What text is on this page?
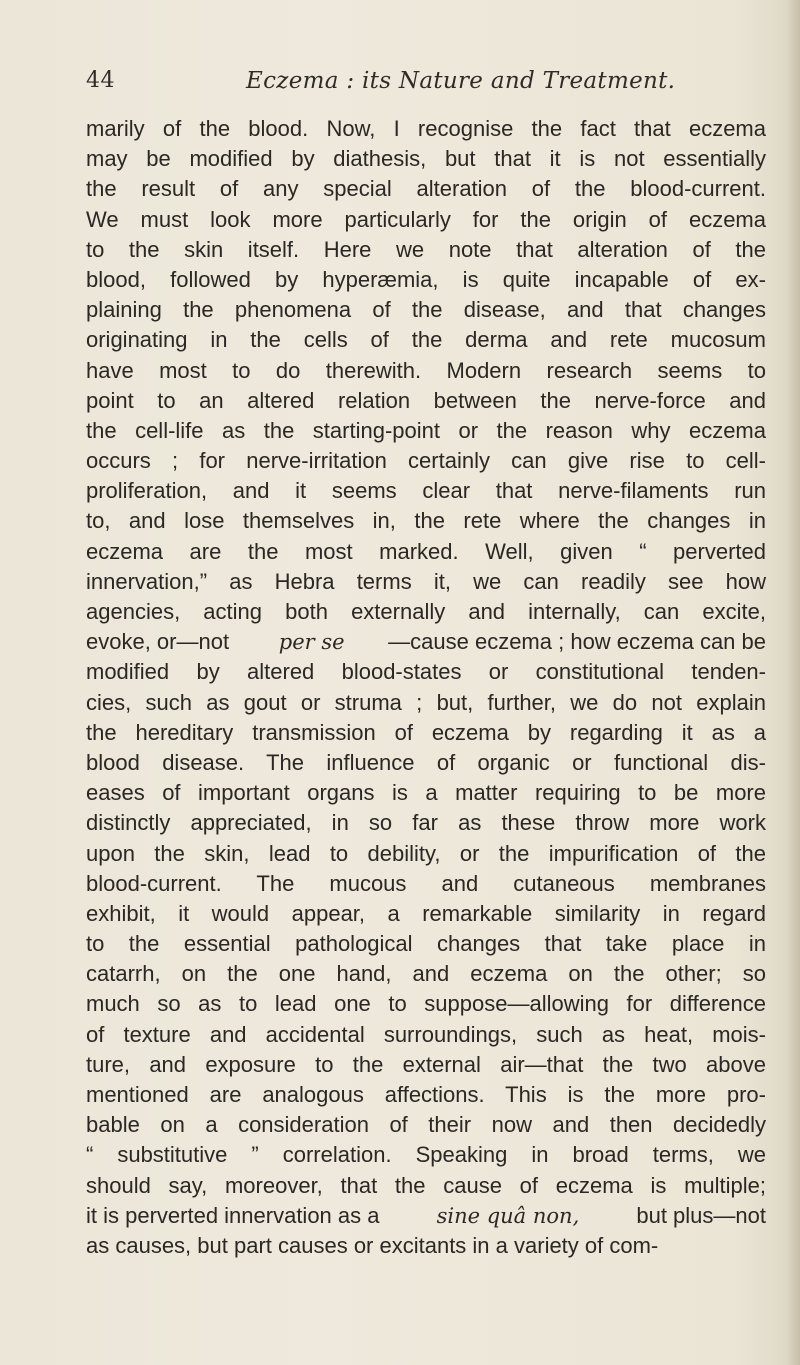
44	Eczema : its Nature and Treatment.
marily of the blood. Now, I recognise the fact that eczema
may be modified by diathesis, but that it is not essentially
the result of any special alteration of the blood-current.
We must look more particularly for the origin of eczema
to the skin itself. Here we note that alteration of the
blood, followed by hyperæmia, is quite incapable of ex-
plaining the phenomena of the disease, and that changes
originating in the cells of the derma and rete mucosum
have most to do therewith. Modern research seems to
point to an altered relation between the nerve-force and
the cell-life as the starting-point or the reason why eczema
occurs ; for nerve-irritation certainly can give rise to cell-
proliferation, and it seems clear that nerve-filaments run
to, and lose themselves in, the rete where the changes in
eczema are the most marked. Well, given “ perverted
innervation,” as Hebra terms it, we can readily see how
agencies, acting both externally and internally, can excite,
evoke, or—not per se —cause eczema ; how eczema can be
modified by altered blood-states or constitutional tenden-
cies, such as gout or struma ; but, further, we do not explain
the hereditary transmission of eczema by regarding it as a
blood disease. The influence of organic or functional dis-
eases of important organs is a matter requiring to be more
distinctly appreciated, in so far as these throw more work
upon the skin, lead to debility, or the impurification of the
blood-current. The mucous and cutaneous membranes
exhibit, it would appear, a remarkable similarity in regard
to the essential pathological changes that take place in
catarrh, on the one hand, and eczema on the other; so
much so as to lead one to suppose—allowing for difference
of texture and accidental surroundings, such as heat, mois-
ture, and exposure to the external air—that the two above
mentioned are analogous affections. This is the more pro-
bable on a consideration of their now and then decidedly
“ substitutive ” correlation. Speaking in broad terms, we
should say, moreover, that the cause of eczema is multiple;
it is perverted innervation as a sine quâ non, but plus—not
as causes, but part causes or excitants in a variety of com-
